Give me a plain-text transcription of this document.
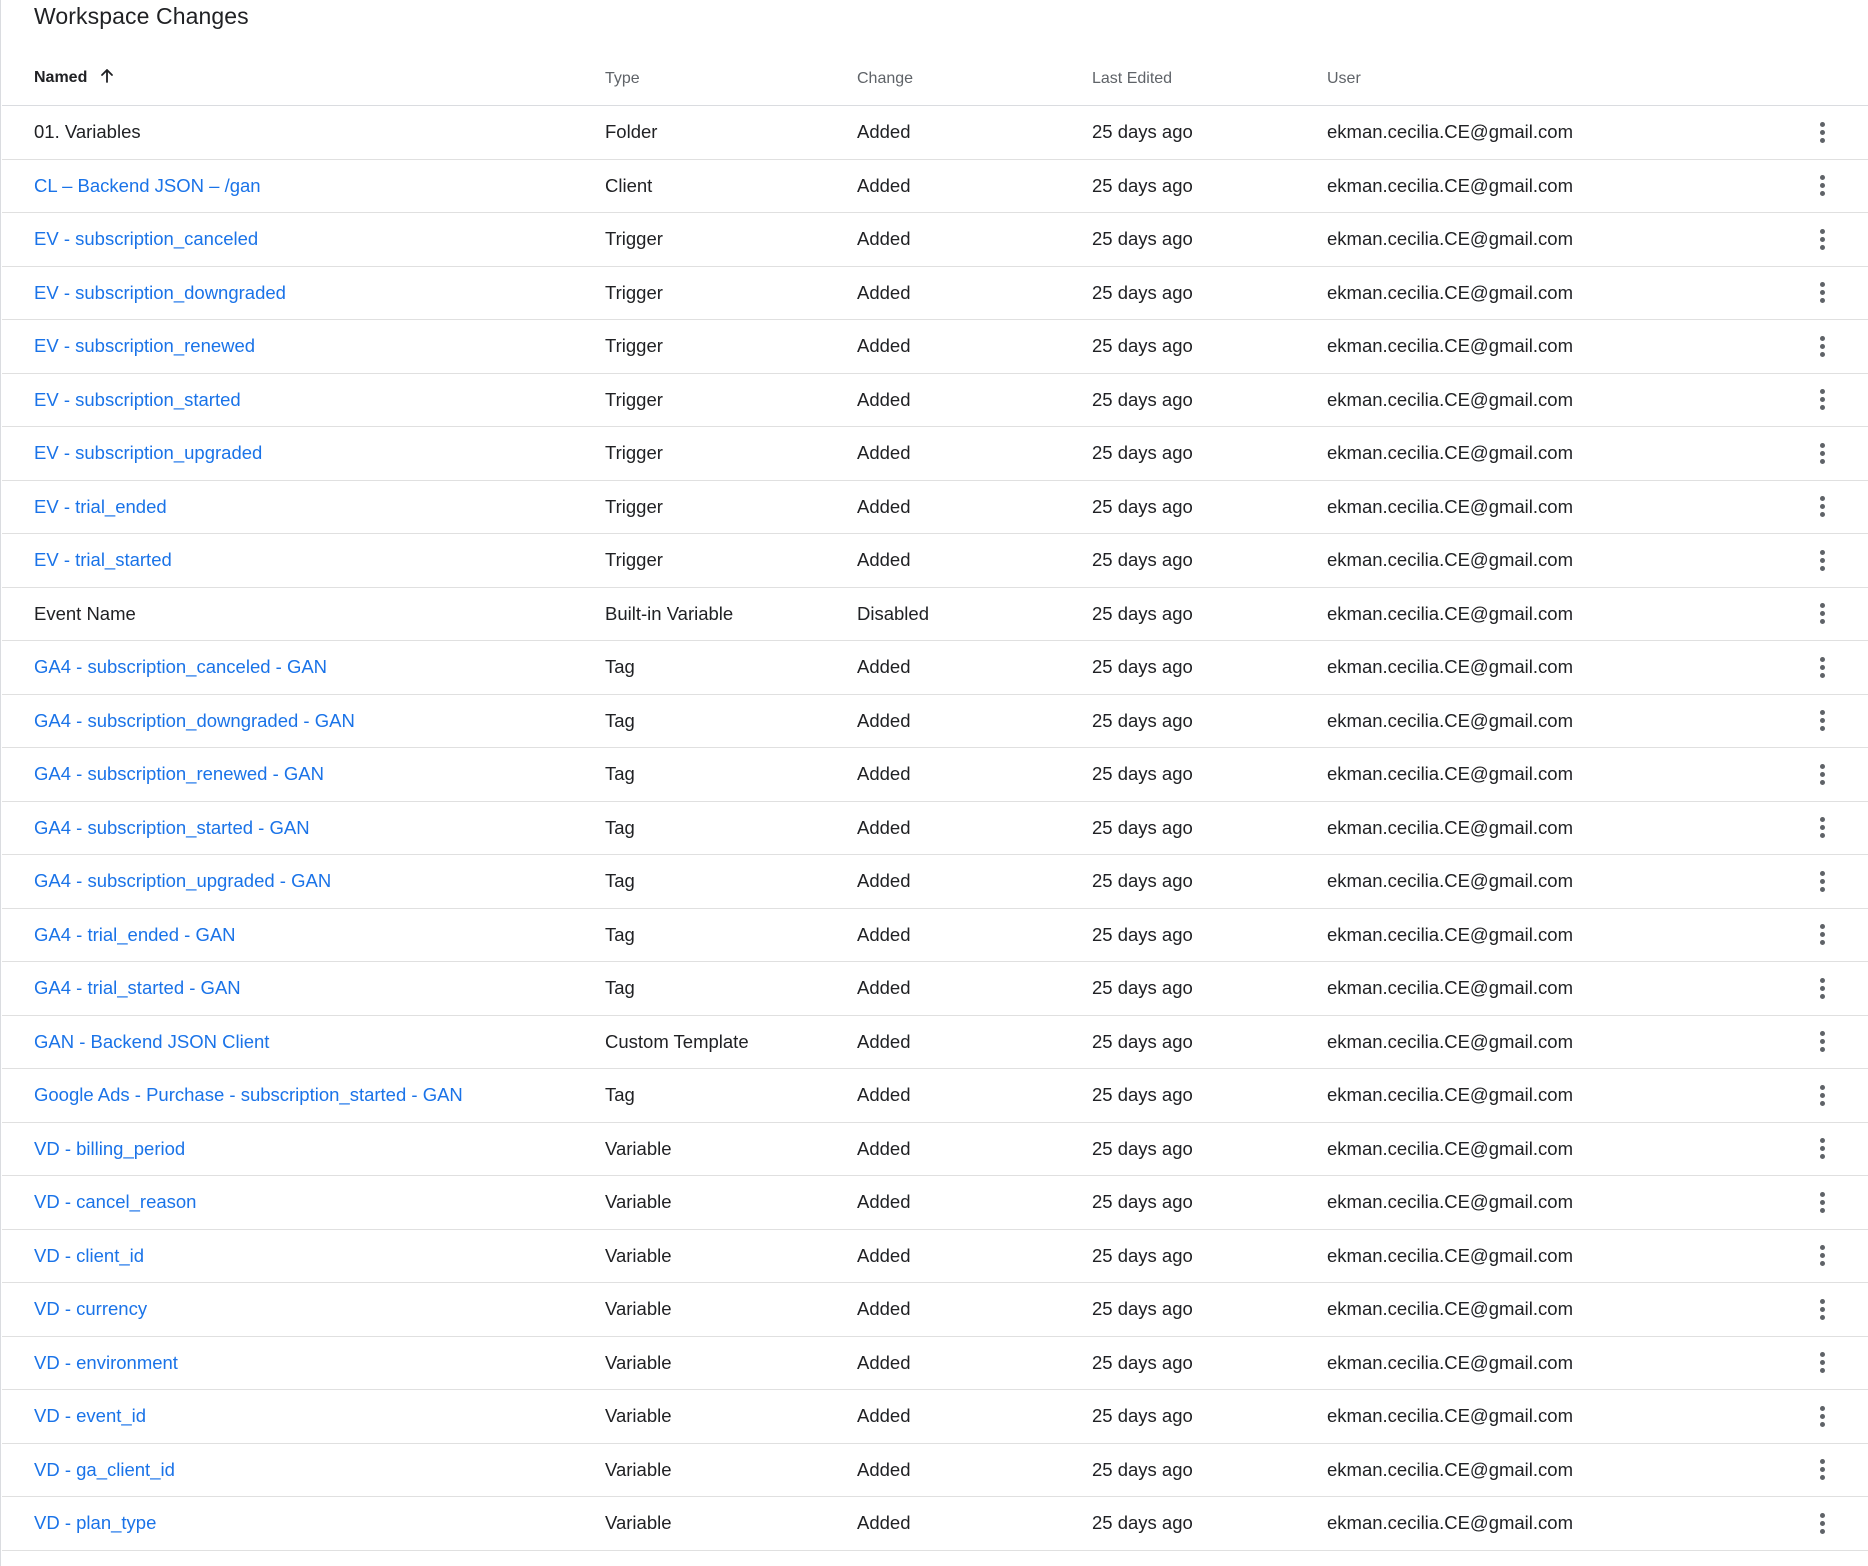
Workspace Changes
Named	Type	Change	Last Edited	User	
01. Variables	Folder	Added	25 days ago	ekman.cecilia.CE@gmail.com	

CL – Backend JSON – /gan	Client	Added	25 days ago	ekman.cecilia.CE@gmail.com	

EV - subscription_canceled	Trigger	Added	25 days ago	ekman.cecilia.CE@gmail.com	

EV - subscription_downgraded	Trigger	Added	25 days ago	ekman.cecilia.CE@gmail.com	

EV - subscription_renewed	Trigger	Added	25 days ago	ekman.cecilia.CE@gmail.com	

EV - subscription_started	Trigger	Added	25 days ago	ekman.cecilia.CE@gmail.com	

EV - subscription_upgraded	Trigger	Added	25 days ago	ekman.cecilia.CE@gmail.com	

EV - trial_ended	Trigger	Added	25 days ago	ekman.cecilia.CE@gmail.com	

EV - trial_started	Trigger	Added	25 days ago	ekman.cecilia.CE@gmail.com	

Event Name	Built-in Variable	Disabled	25 days ago	ekman.cecilia.CE@gmail.com	

GA4 - subscription_canceled - GAN	Tag	Added	25 days ago	ekman.cecilia.CE@gmail.com	

GA4 - subscription_downgraded - GAN	Tag	Added	25 days ago	ekman.cecilia.CE@gmail.com	

GA4 - subscription_renewed - GAN	Tag	Added	25 days ago	ekman.cecilia.CE@gmail.com	

GA4 - subscription_started - GAN	Tag	Added	25 days ago	ekman.cecilia.CE@gmail.com	

GA4 - subscription_upgraded - GAN	Tag	Added	25 days ago	ekman.cecilia.CE@gmail.com	

GA4 - trial_ended - GAN	Tag	Added	25 days ago	ekman.cecilia.CE@gmail.com	

GA4 - trial_started - GAN	Tag	Added	25 days ago	ekman.cecilia.CE@gmail.com	

GAN - Backend JSON Client	Custom Template	Added	25 days ago	ekman.cecilia.CE@gmail.com	

Google Ads - Purchase - subscription_started - GAN	Tag	Added	25 days ago	ekman.cecilia.CE@gmail.com	

VD - billing_period	Variable	Added	25 days ago	ekman.cecilia.CE@gmail.com	

VD - cancel_reason	Variable	Added	25 days ago	ekman.cecilia.CE@gmail.com	

VD - client_id	Variable	Added	25 days ago	ekman.cecilia.CE@gmail.com	

VD - currency	Variable	Added	25 days ago	ekman.cecilia.CE@gmail.com	

VD - environment	Variable	Added	25 days ago	ekman.cecilia.CE@gmail.com	

VD - event_id	Variable	Added	25 days ago	ekman.cecilia.CE@gmail.com	

VD - ga_client_id	Variable	Added	25 days ago	ekman.cecilia.CE@gmail.com	

VD - plan_type	Variable	Added	25 days ago	ekman.cecilia.CE@gmail.com	
